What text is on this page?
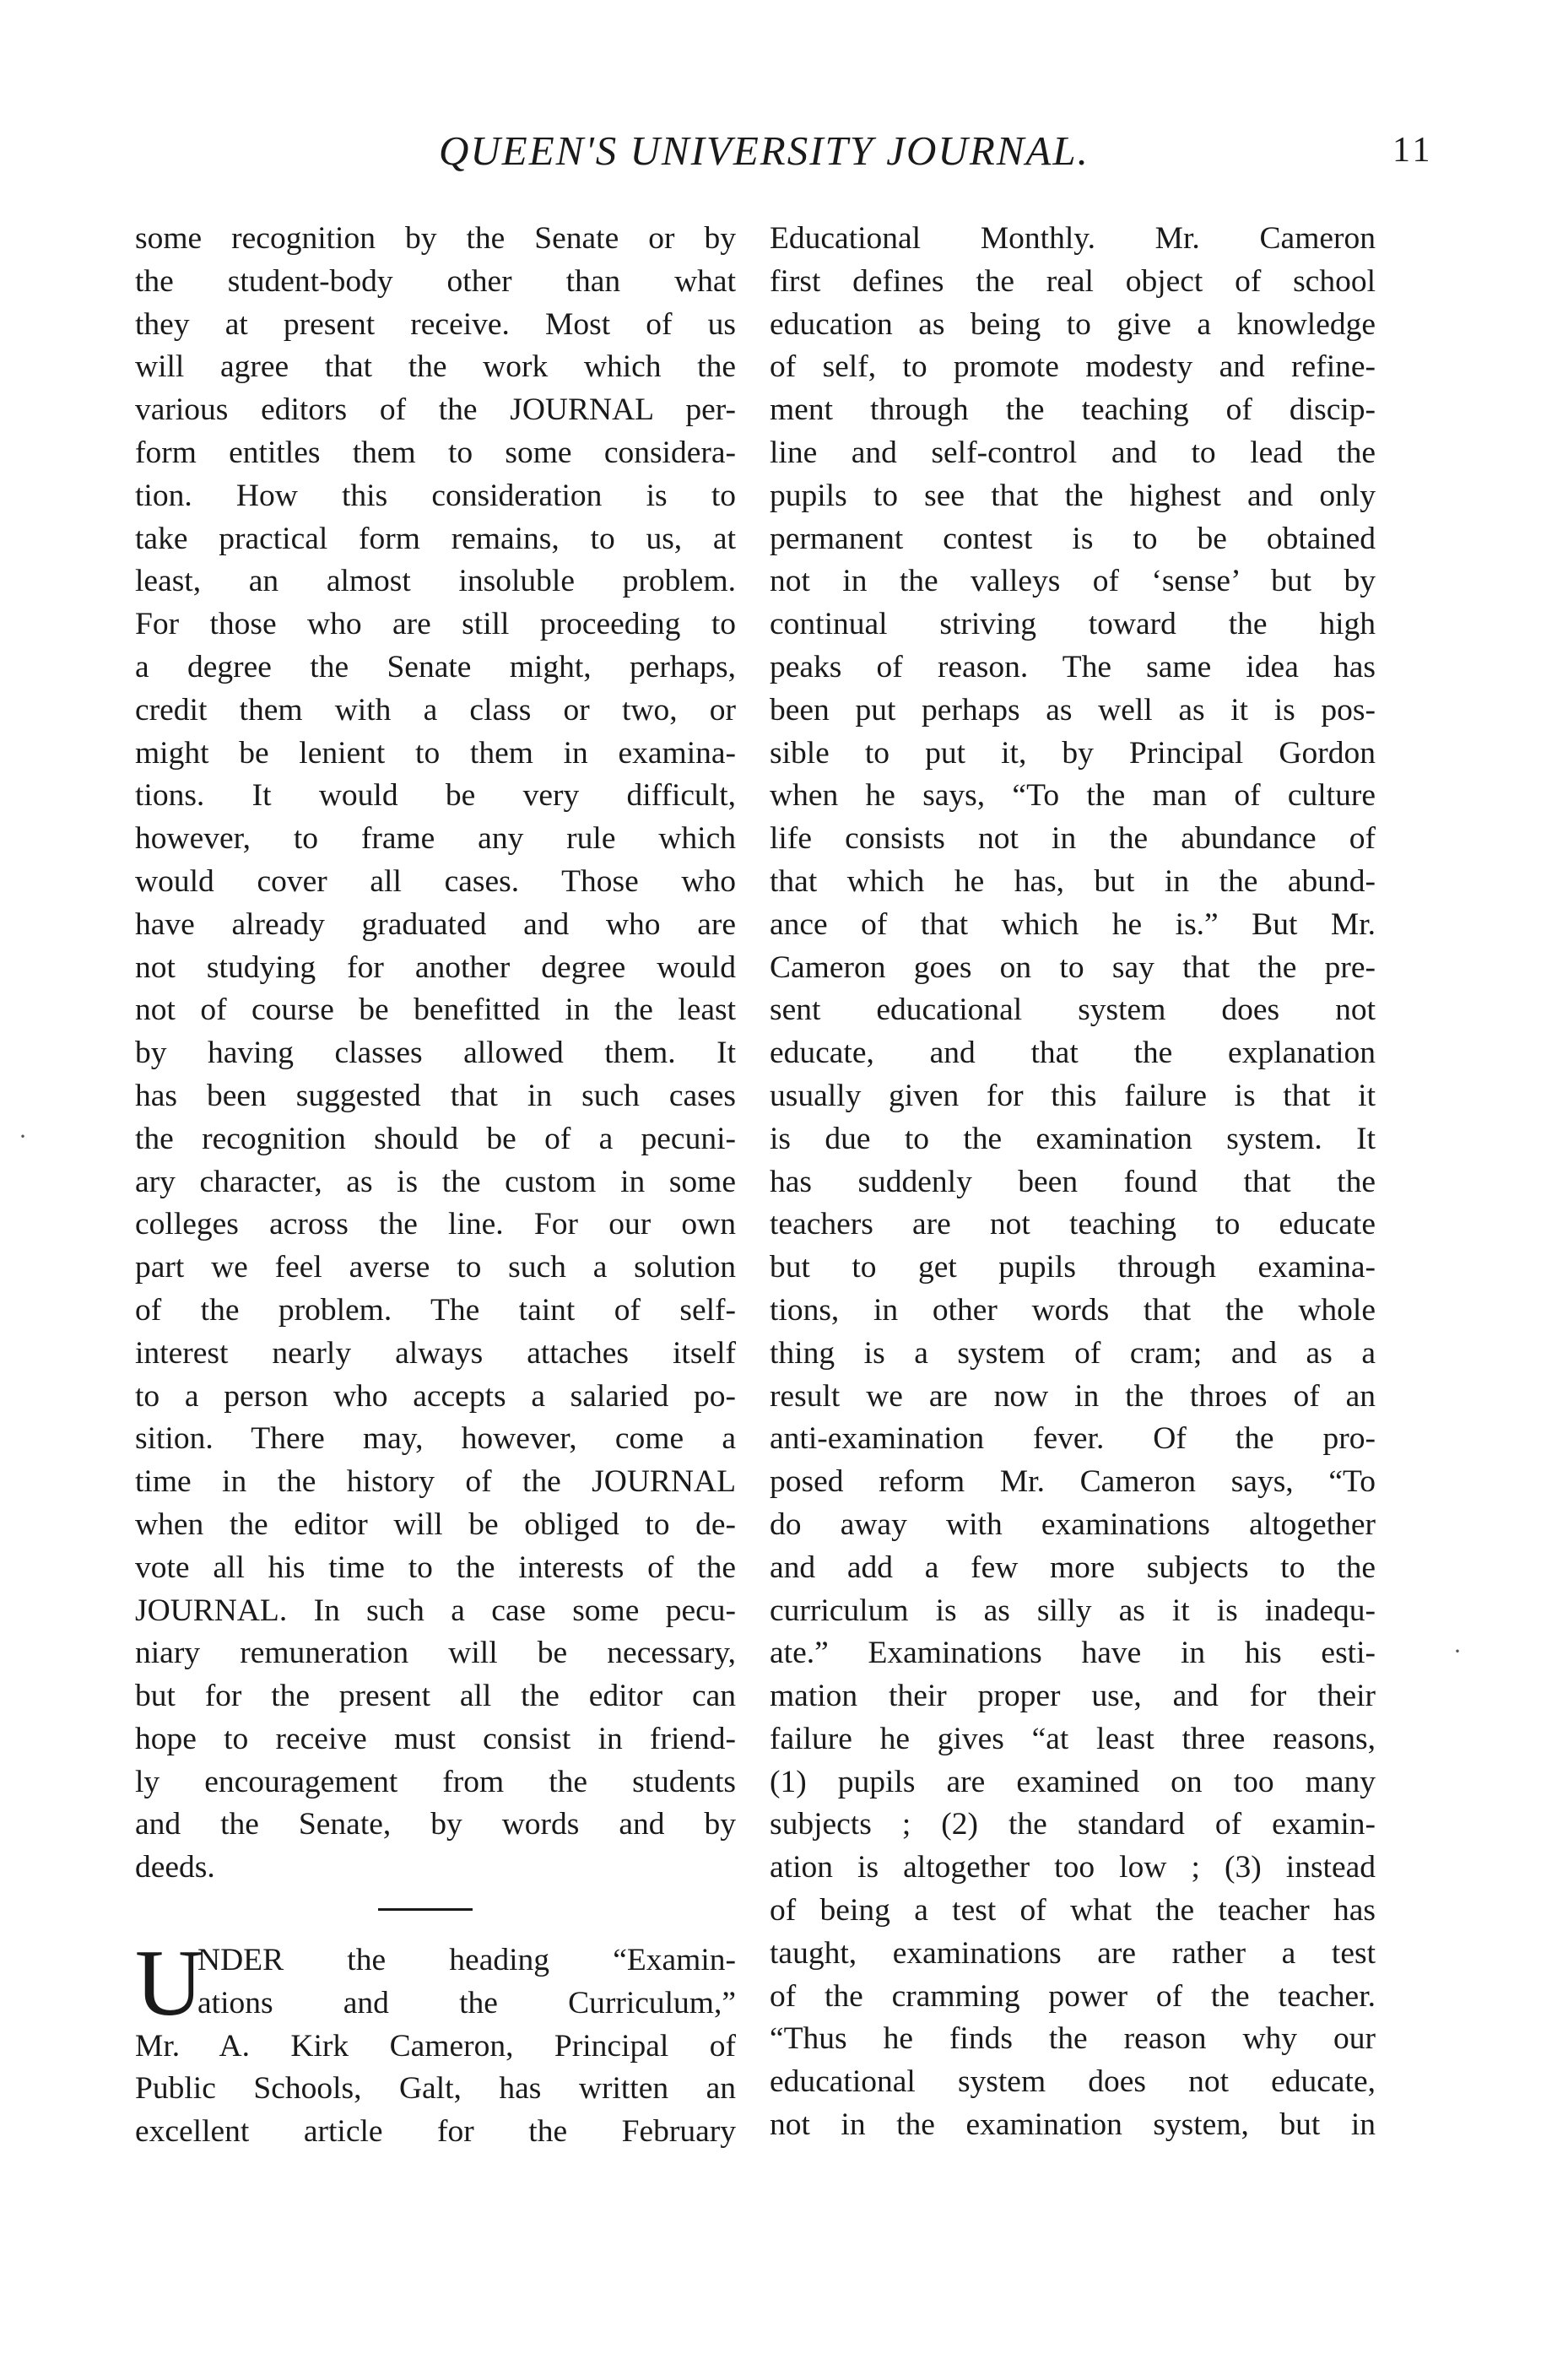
QUEEN'S UNIVERSITY JOURNAL.	11
some recognition by the Senate or by
the student-body other than what
they at present receive. Most of us
will agree that the work which the
various editors of the JOURNAL per-
form entitles them to some considera-
tion. How this consideration is to
take practical form remains, to us, at
least, an almost insoluble problem.
For those who are still proceeding to
a degree the Senate might, perhaps,
credit them with a class or two, or
might be lenient to them in examina-
tions. It would be very difficult,
however, to frame any rule which
would cover all cases. Those who
have already graduated and who are
not studying for another degree would
not of course be benefitted in the least
by having classes allowed them. It
has been suggested that in such cases
the recognition should be of a pecuni-
ary character, as is the custom in some
colleges across the line. For our own
part we feel averse to such a solution
of the problem. The taint of self-
interest nearly always attaches itself
to a person who accepts a salaried po-
sition. There may, however, come a
time in the history of the JOURNAL
when the editor will be obliged to de-
vote all his time to the interests of the
JOURNAL. In such a case some pecu-
niary remuneration will be necessary,
but for the present all the editor can
hope to receive must consist in friend-
ly encouragement from the students
and the Senate, by words and by
deeds.
U
NDER the heading “Examin-
ations and the Curriculum,”
Mr. A. Kirk Cameron, Principal of
Public Schools, Galt, has written an
excellent article for the February
Educational Monthly. Mr. Cameron
first defines the real object of school
education as being to give a knowledge
of self, to promote modesty and refine-
ment through the teaching of discip-
line and self-control and to lead the
pupils to see that the highest and only
permanent contest is to be obtained
not in the valleys of ‘sense’ but by
continual striving toward the high
peaks of reason. The same idea has
been put perhaps as well as it is pos-
sible to put it, by Principal Gordon
when he says, “To the man of culture
life consists not in the abundance of
that which he has, but in the abund-
ance of that which he is.” But Mr.
Cameron goes on to say that the pre-
sent educational system does not
educate, and that the explanation
usually given for this failure is that it
is due to the examination system. It
has suddenly been found that the
teachers are not teaching to educate
but to get pupils through examina-
tions, in other words that the whole
thing is a system of cram; and as a
result we are now in the throes of an
anti-examination fever. Of the pro-
posed reform Mr. Cameron says, “To
do away with examinations altogether
and add a few more subjects to the
curriculum is as silly as it is inadequ-
ate.” Examinations have in his esti-
mation their proper use, and for their
failure he gives “at least three reasons,
(1) pupils are examined on too many
subjects ; (2) the standard of examin-
ation is altogether too low ; (3) instead
of being a test of what the teacher has
taught, examinations are rather a test
of the cramming power of the teacher.
“Thus he finds the reason why our
educational system does not educate,
not in the examination system, but in
·
·
